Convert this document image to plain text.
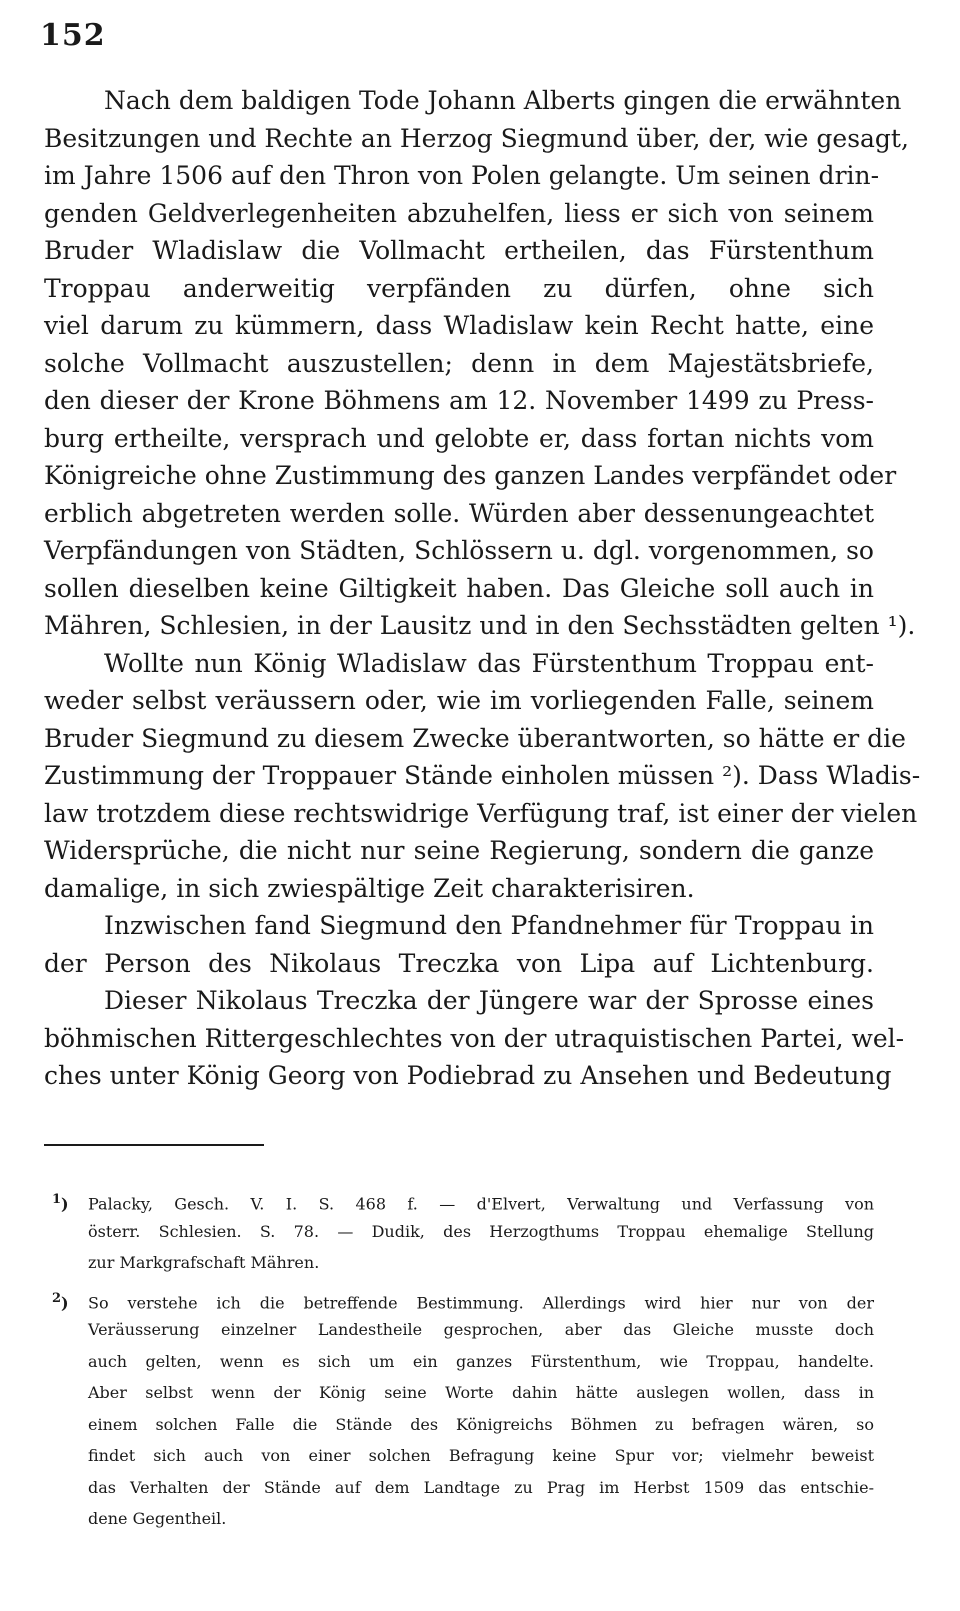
152
Nach dem baldigen Tode Johann Alberts gingen die erwähnten
Besitzungen und Rechte an Herzog Siegmund über, der, wie gesagt,
im Jahre 1506 auf den Thron von Polen gelangte. Um seinen drin-
genden Geldverlegenheiten abzuhelfen, liess er sich von seinem
Bruder Wladislaw die Vollmacht ertheilen, das Fürstenthum
Troppau anderweitig verpfänden zu dürfen, ohne sich
viel darum zu kümmern, dass Wladislaw kein Recht hatte, eine
solche Vollmacht auszustellen; denn in dem Majestätsbriefe,
den dieser der Krone Böhmens am 12. November 1499 zu Press-
burg ertheilte, versprach und gelobte er, dass fortan nichts vom
Königreiche ohne Zustimmung des ganzen Landes verpfändet oder
erblich abgetreten werden solle. Würden aber dessenungeachtet
Verpfändungen von Städten, Schlössern u. dgl. vorgenommen, so
sollen dieselben keine Giltigkeit haben. Das Gleiche soll auch in
Mähren, Schlesien, in der Lausitz und in den Sechsstädten gelten ¹).
Wollte nun König Wladislaw das Fürstenthum Troppau ent-
weder selbst veräussern oder, wie im vorliegenden Falle, seinem
Bruder Siegmund zu diesem Zwecke überantworten, so hätte er die
Zustimmung der Troppauer Stände einholen müssen ²). Dass Wladis-
law trotzdem diese rechtswidrige Verfügung traf, ist einer der vielen
Widersprüche, die nicht nur seine Regierung, sondern die ganze
damalige, in sich zwiespältige Zeit charakterisiren.
Inzwischen fand Siegmund den Pfandnehmer für Troppau in
der Person des Nikolaus Treczka von Lipa auf Lichtenburg.
Dieser Nikolaus Treczka der Jüngere war der Sprosse eines
böhmischen Rittergeschlechtes von der utraquistischen Partei, wel-
ches unter König Georg von Podiebrad zu Ansehen und Bedeutung
$^1$) Palacky, Gesch. V. I. S. 468 f. — d'Elvert, Verwaltung und Verfassung von
österr. Schlesien. S. 78. — Dudik, des Herzogthums Troppau ehemalige Stellung
zur Markgrafschaft Mähren.
$^2$) So verstehe ich die betreffende Bestimmung. Allerdings wird hier nur von der
Veräusserung einzelner Landestheile gesprochen, aber das Gleiche musste doch
auch gelten, wenn es sich um ein ganzes Fürstenthum, wie Troppau, handelte.
Aber selbst wenn der König seine Worte dahin hätte auslegen wollen, dass in
einem solchen Falle die Stände des Königreichs Böhmen zu befragen wären, so
findet sich auch von einer solchen Befragung keine Spur vor; vielmehr beweist
das Verhalten der Stände auf dem Landtage zu Prag im Herbst 1509 das entschie-
dene Gegentheil.
